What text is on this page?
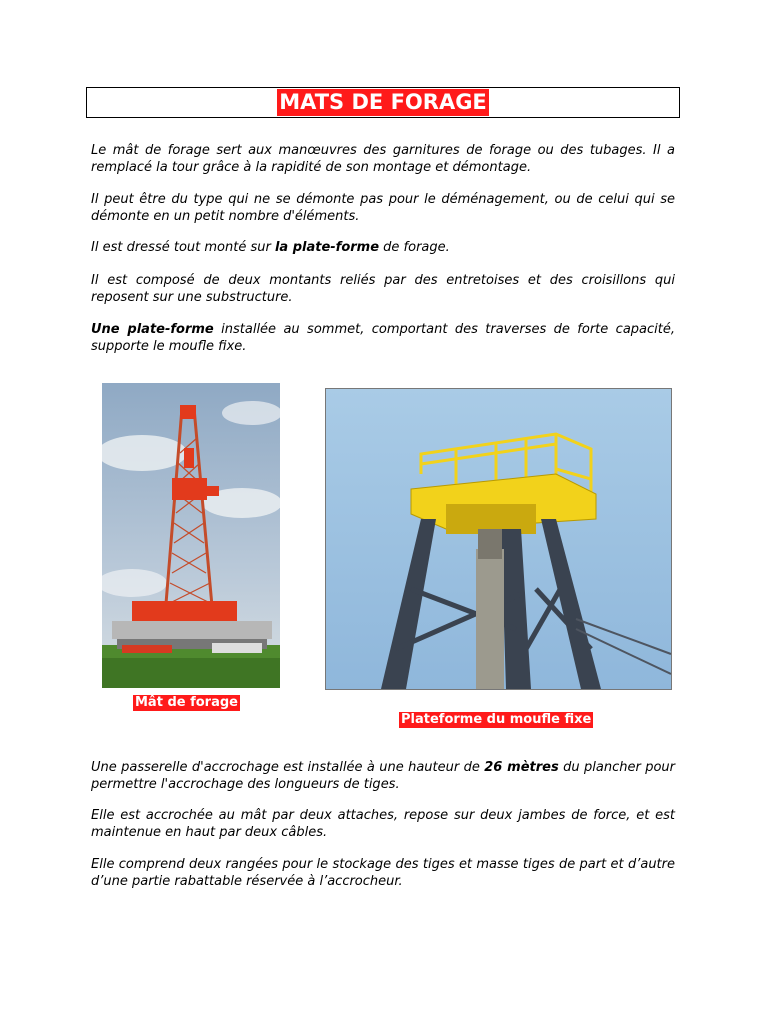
MATS DE FORAGE

Le mât de forage sert aux manœuvres des garnitures de forage ou des tubages. Il a remplacé la tour grâce à la rapidité de son montage et démontage.

Il peut être du type qui ne se démonte pas pour le déménagement, ou de celui qui se démonte en un petit nombre d'éléments.

Il est dressé tout monté sur la plate-forme de forage.

Il est composé de deux montants reliés par des entretoises et des croisillons qui reposent sur une substructure.

Une plate-forme installée au sommet, comportant des traverses de forte capacité, supporte le moufle fixe.

Mât de forage
Plateforme du moufle fixe

Une passerelle d'accrochage est installée à une hauteur de 26 mètres du plancher pour permettre l'accrochage des longueurs de tiges.

Elle est accrochée au mât par deux attaches, repose sur deux jambes de force, et est maintenue en haut par deux câbles.

Elle comprend deux rangées pour le stockage des tiges et masse tiges de part et d’autre d’une partie rabattable réservée à l’accrocheur.
